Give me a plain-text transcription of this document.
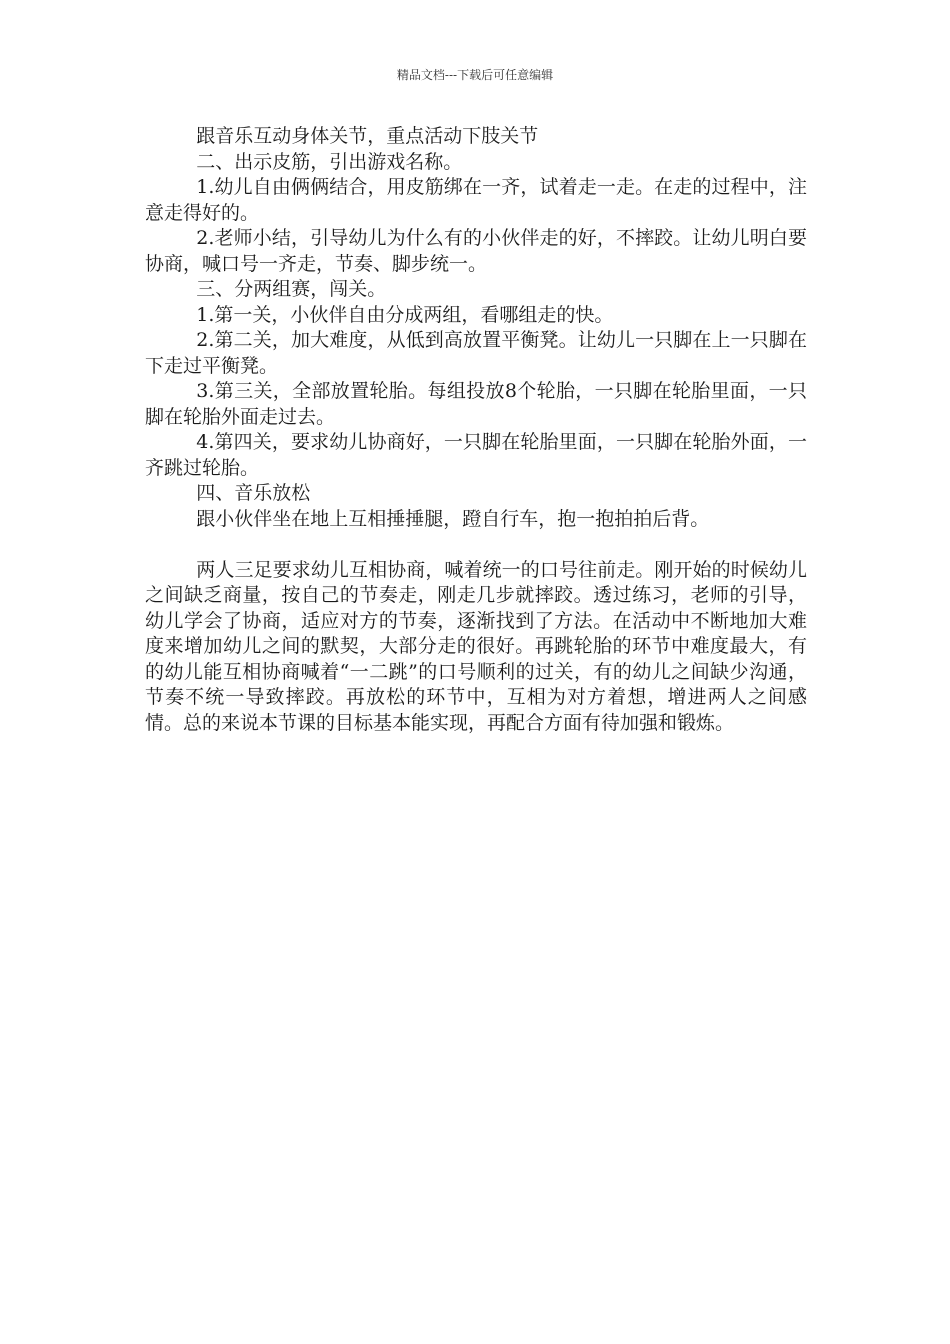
精品文档---下载后可任意编辑

跟音乐互动身体关节，重点活动下肢关节

二、出示皮筋，引出游戏名称。

1.幼儿自由俩俩结合，用皮筋绑在一齐，试着走一走。在走的过程中，注意走得好的。

2.老师小结，引导幼儿为什么有的小伙伴走的好，不摔跤。让幼儿明白要协商，喊口号一齐走，节奏、脚步统一。

三、分两组赛，闯关。

1.第一关，小伙伴自由分成两组，看哪组走的快。

2.第二关，加大难度，从低到高放置平衡凳。让幼儿一只脚在上一只脚在下走过平衡凳。

3.第三关，全部放置轮胎。每组投放8个轮胎，一只脚在轮胎里面，一只脚在轮胎外面走过去。

4.第四关，要求幼儿协商好，一只脚在轮胎里面，一只脚在轮胎外面，一齐跳过轮胎。

四、音乐放松

跟小伙伴坐在地上互相捶捶腿，蹬自行车，抱一抱拍拍后背。

两人三足要求幼儿互相协商，喊着统一的口号往前走。刚开始的时候幼儿之间缺乏商量，按自己的节奏走，刚走几步就摔跤。透过练习，老师的引导，幼儿学会了协商，适应对方的节奏，逐渐找到了方法。在活动中不断地加大难度来增加幼儿之间的默契，大部分走的很好。再跳轮胎的环节中难度最大，有的幼儿能互相协商喊着“一二跳”的口号顺利的过关，有的幼儿之间缺少沟通，节奏不统一导致摔跤。再放松的环节中，互相为对方着想，增进两人之间感情。总的来说本节课的目标基本能实现，再配合方面有待加强和锻炼。
